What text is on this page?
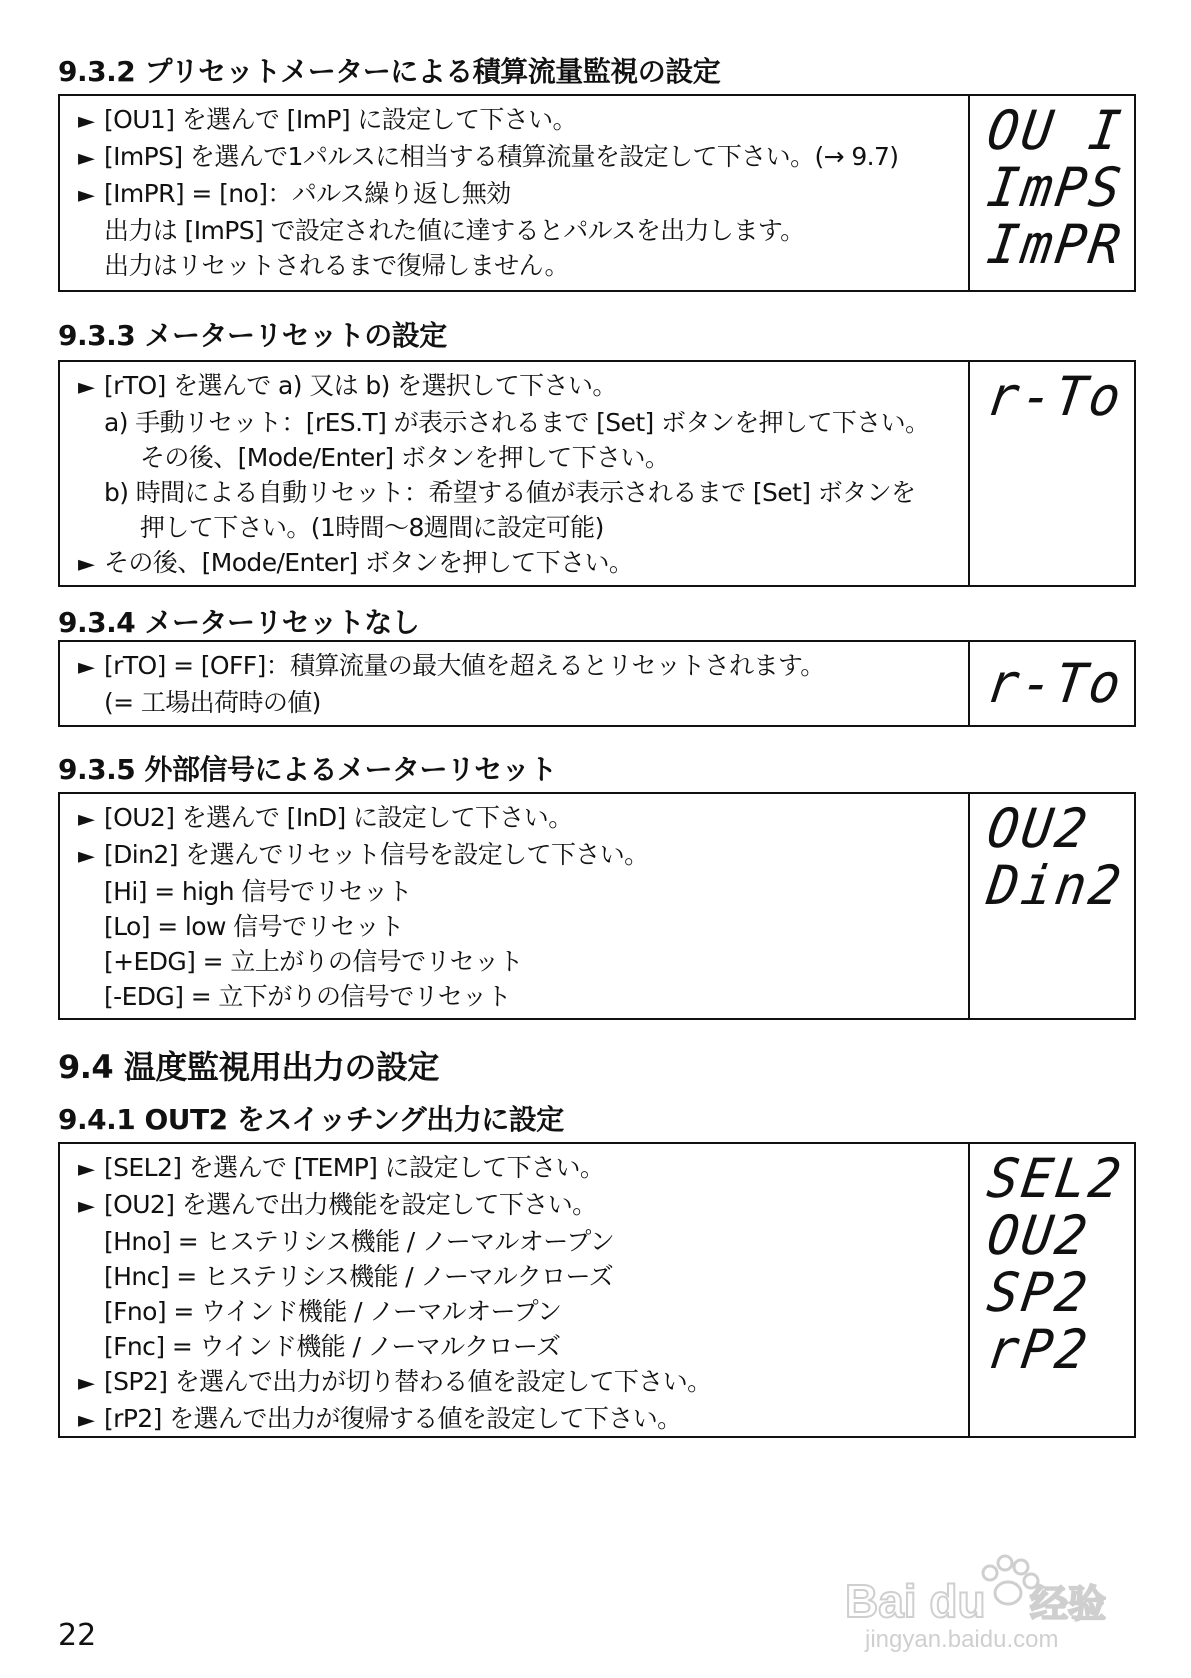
9.3.2 プリセットメーターによる積算流量監視の設定
► [OU1] を選んで [ImP] に設定して下さい。
► [ImPS] を選んで1パルスに相当する積算流量を設定して下さい。(→ 9.7)
► [ImPR] = [no]：パルス繰り返し無効
出力は [ImPS] で設定された値に達するとパルスを出力します。
出力はリセットされるまで復帰しません。
OU I
ImPS
ImPR
9.3.3 メーターリセットの設定
► [rTO] を選んで a) 又は b) を選択して下さい。
a) 手動リセット：[rES.T] が表示されるまで [Set] ボタンを押して下さい。
その後、[Mode/Enter] ボタンを押して下さい。
b) 時間による自動リセット：希望する値が表示されるまで [Set] ボタンを
押して下さい。(1時間～8週間に設定可能)
► その後、[Mode/Enter] ボタンを押して下さい。
r-To
9.3.4 メーターリセットなし
► [rTO] = [OFF]：積算流量の最大値を超えるとリセットされます。
(= 工場出荷時の値)	r-To
9.3.5 外部信号によるメーターリセット
► [OU2] を選んで [InD] に設定して下さい。
► [Din2] を選んでリセット信号を設定して下さい。
[Hi] = high 信号でリセット
[Lo] = low 信号でリセット
[+EDG] = 立上がりの信号でリセット
[-EDG] = 立下がりの信号でリセット
OU2
Din2
9.4 温度監視用出力の設定
9.4.1 OUT2 をスイッチング出力に設定
► [SEL2] を選んで [TEMP] に設定して下さい。
► [OU2] を選んで出力機能を設定して下さい。
[Hno] = ヒステリシス機能 / ノーマルオープン
[Hnc] = ヒステリシス機能 / ノーマルクローズ
[Fno] = ウインド機能 / ノーマルオープン
[Fnc] = ウインド機能 / ノーマルクローズ
► [SP2] を選んで出力が切り替わる値を設定して下さい。
► [rP2] を選んで出力が復帰する値を設定して下さい。
SEL2
OU2
SP2
rP2
Bai du 经验
jingyan.baidu.com
22
